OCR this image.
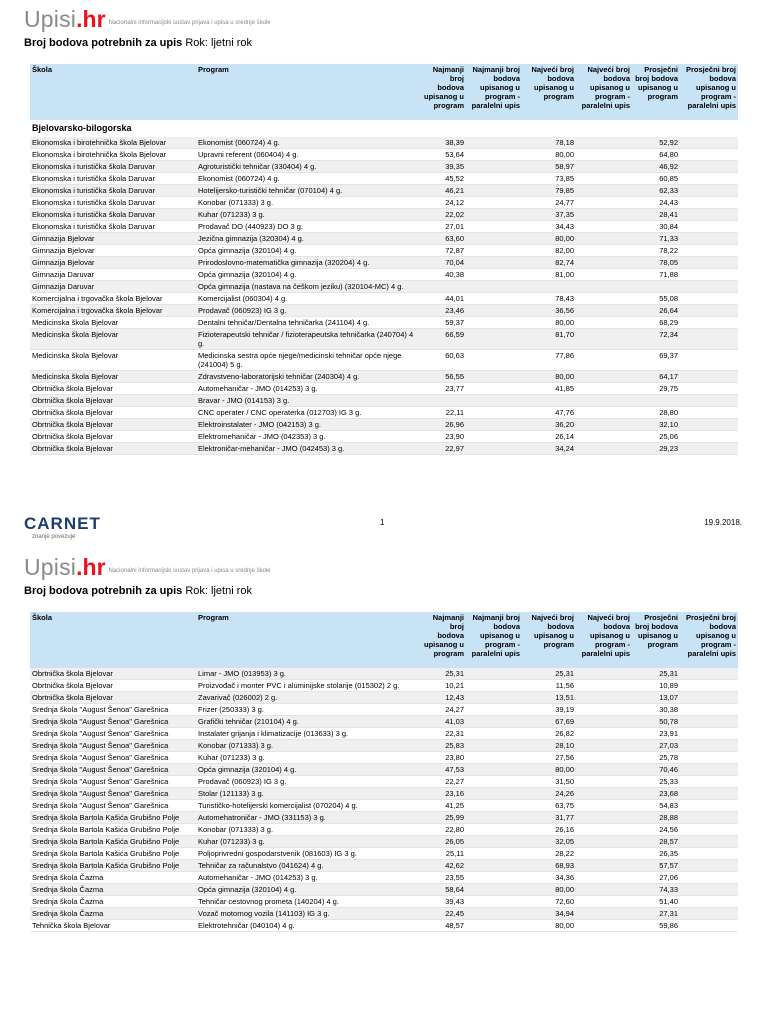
Upisi.hr Nacionalni informacijski sustav prijava i upisa u srednje škole
Broj bodova potrebnih za upis Rok: ljetni rok
Škola	Program	Najmanji broj bodova upisanog u program	Najmanji broj bodova upisanog u program - paralelni upis	Najveći broj bodova upisanog u program	Najveći broj bodova upisanog u program - paralelni upis	Prosječni broj bodova upisanog u program	Prosječni broj bodova upisanog u program - paralelni upis
Bjelovarsko-bilogorska							
Ekonomska i birotehnička škola Bjelovar	Ekonomist (060724) 4 g.	38,39		78,18		52,92	
Ekonomska i birotehnička škola Bjelovar	Upravni referent (060404) 4 g.	53,64		80,00		64,80	
Ekonomska i turistička škola Daruvar	Agroturistički tehničar (330404) 4 g.	39,35		58,97		46,92	
Ekonomska i turistička škola Daruvar	Ekonomist (060724) 4 g.	45,52		73,85		60,85	
Ekonomska i turistička škola Daruvar	Hotelijersko-turistički tehničar (070104) 4 g.	46,21		79,85		62,33	
Ekonomska i turistička škola Daruvar	Konobar (071333) 3 g.	24,12		24,77		24,43	
Ekonomska i turistička škola Daruvar	Kuhar (071233) 3 g.	22,02		37,35		28,41	
Ekonomska i turistička škola Daruvar	Prodavač DO (440923) DO 3 g.	27,01		34,43		30,84	
Gimnazija Bjelovar	Jezična gimnazija (320304) 4 g.	63,60		80,00		71,33	
Gimnazija Bjelovar	Opća gimnazija (320104) 4 g.	72,87		82,00		78,22	
Gimnazija Bjelovar	Prirodoslovno-matematička gimnazija (320204) 4 g.	70,04		82,74		78,05	
Gimnazija Daruvar	Opća gimnazija (320104) 4 g.	40,38		81,00		71,88	
Gimnazija Daruvar	Opća gimnazija (nastava na češkom jeziku) (320104-MC) 4 g.						
Komercijalna i trgovačka škola Bjelovar	Komercijalist (060304) 4 g.	44,01		78,43		55,08	
Komercijalna i trgovačka škola Bjelovar	Prodavač (060923) IG 3 g.	23,46		36,56		26,64	
Medicinska škola Bjelovar	Dentalni tehničar/Dentalna tehničarka (241104) 4 g.	59,37		80,00		68,29	
Medicinska škola Bjelovar	Fizioterapeutski tehničar / fizioterapeutska tehničarka (240704) 4 g.	66,59		81,70		72,34	
Medicinska škola Bjelovar	Medicinska sestra opće njege/medicinski tehničar opće njege (241004) 5 g.	60,63		77,86		69,37	
Medicinska škola Bjelovar	Zdravstveno-laboratorijski tehničar (240304) 4 g.	56,55		80,00		64,17	
Obrtnička škola Bjelovar	Automehaničar - JMO (014253) 3 g.	23,77		41,85		29,75	
Obrtnička škola Bjelovar	Bravar - JMO (014153) 3 g.						
Obrtnička škola Bjelovar	CNC operater / CNC operaterka (012703) IG 3 g.	22,11		47,76		28,80	
Obrtnička škola Bjelovar	Elektroinstalater - JMO (042153) 3 g.	26,96		36,20		32,10	
Obrtnička škola Bjelovar	Elektromehaničar - JMO (042353) 3 g.	23,90		26,14		25,06	
Obrtnička škola Bjelovar	Elektroničar-mehaničar - JMO (042453) 3 g.	22,97		34,24		29,23	
CARNET
znanje povezuje
1	19.9.2018.
Upisi.hr Nacionalni informacijski sustav prijava i upisa u srednje škole
Broj bodova potrebnih za upis Rok: ljetni rok
Škola	Program	Najmanji broj bodova upisanog u program	Najmanji broj bodova upisanog u program - paralelni upis	Najveći broj bodova upisanog u program	Najveći broj bodova upisanog u program - paralelni upis	Prosječni broj bodova upisanog u program	Prosječni broj bodova upisanog u program - paralelni upis
Obrtnička škola Bjelovar	Limar - JMO (013953) 3 g.	25,31		25,31		25,31	
Obrtnička škola Bjelovar	Proizvođač i monter PVC i aluminijske stolarije (015302) 2 g.	10,21		11,56		10,89	
Obrtnička škola Bjelovar	Zavarivač (026002) 2 g.	12,43		13,51		13,07	
Srednja škola "August Šenoa" Garešnica	Frizer (250333) 3 g.	24,27		39,19		30,38	
Srednja škola "August Šenoa" Garešnica	Grafički tehničar (210104) 4 g.	41,03		67,69		50,78	
Srednja škola "August Šenoa" Garešnica	Instalater grijanja i klimatizacije (013633) 3 g.	22,31		26,82		23,91	
Srednja škola "August Šenoa" Garešnica	Konobar (071333) 3 g.	25,83		28,10		27,03	
Srednja škola "August Šenoa" Garešnica	Kuhar (071233) 3 g.	23,80		27,56		25,78	
Srednja škola "August Šenoa" Garešnica	Opća gimnazija (320104) 4 g.	47,53		80,00		70,46	
Srednja škola "August Šenoa" Garešnica	Prodavač (060923) IG 3 g.	22,27		31,50		25,33	
Srednja škola "August Šenoa" Garešnica	Stolar (121133) 3 g.	23,16		24,26		23,68	
Srednja škola "August Šenoa" Garešnica	Turističko-hotelijerski komercijalist (070204) 4 g.	41,25		63,75		54,83	
Srednja škola Bartola Kašića Grubišno Polje	Automehatroničar - JMO (331153) 3 g.	25,99		31,77		28,88	
Srednja škola Bartola Kašića Grubišno Polje	Konobar (071333) 3 g.	22,80		26,16		24,56	
Srednja škola Bartola Kašića Grubišno Polje	Kuhar (071233) 3 g.	26,05		32,05		28,57	
Srednja škola Bartola Kašića Grubišno Polje	Poljoprivredni gospodarstvenik (081603) IG 3 g.	25,11		28,22		26,35	
Srednja škola Bartola Kašića Grubišno Polje	Tehničar za računalstvo (041624) 4 g.	42,62		68,93		57,57	
Srednja škola Čazma	Automehaničar - JMO (014253) 3 g.	23,55		34,36		27,06	
Srednja škola Čazma	Opća gimnazija (320104) 4 g.	58,64		80,00		74,33	
Srednja škola Čazma	Tehničar cestovnog prometa (140204) 4 g.	39,43		72,60		51,40	
Srednja škola Čazma	Vozač motornog vozila (141103) IG 3 g.	22,45		34,94		27,31	
Tehnička škola Bjelovar	Elektrotehničar (040104) 4 g.	48,57		80,00		59,86	
